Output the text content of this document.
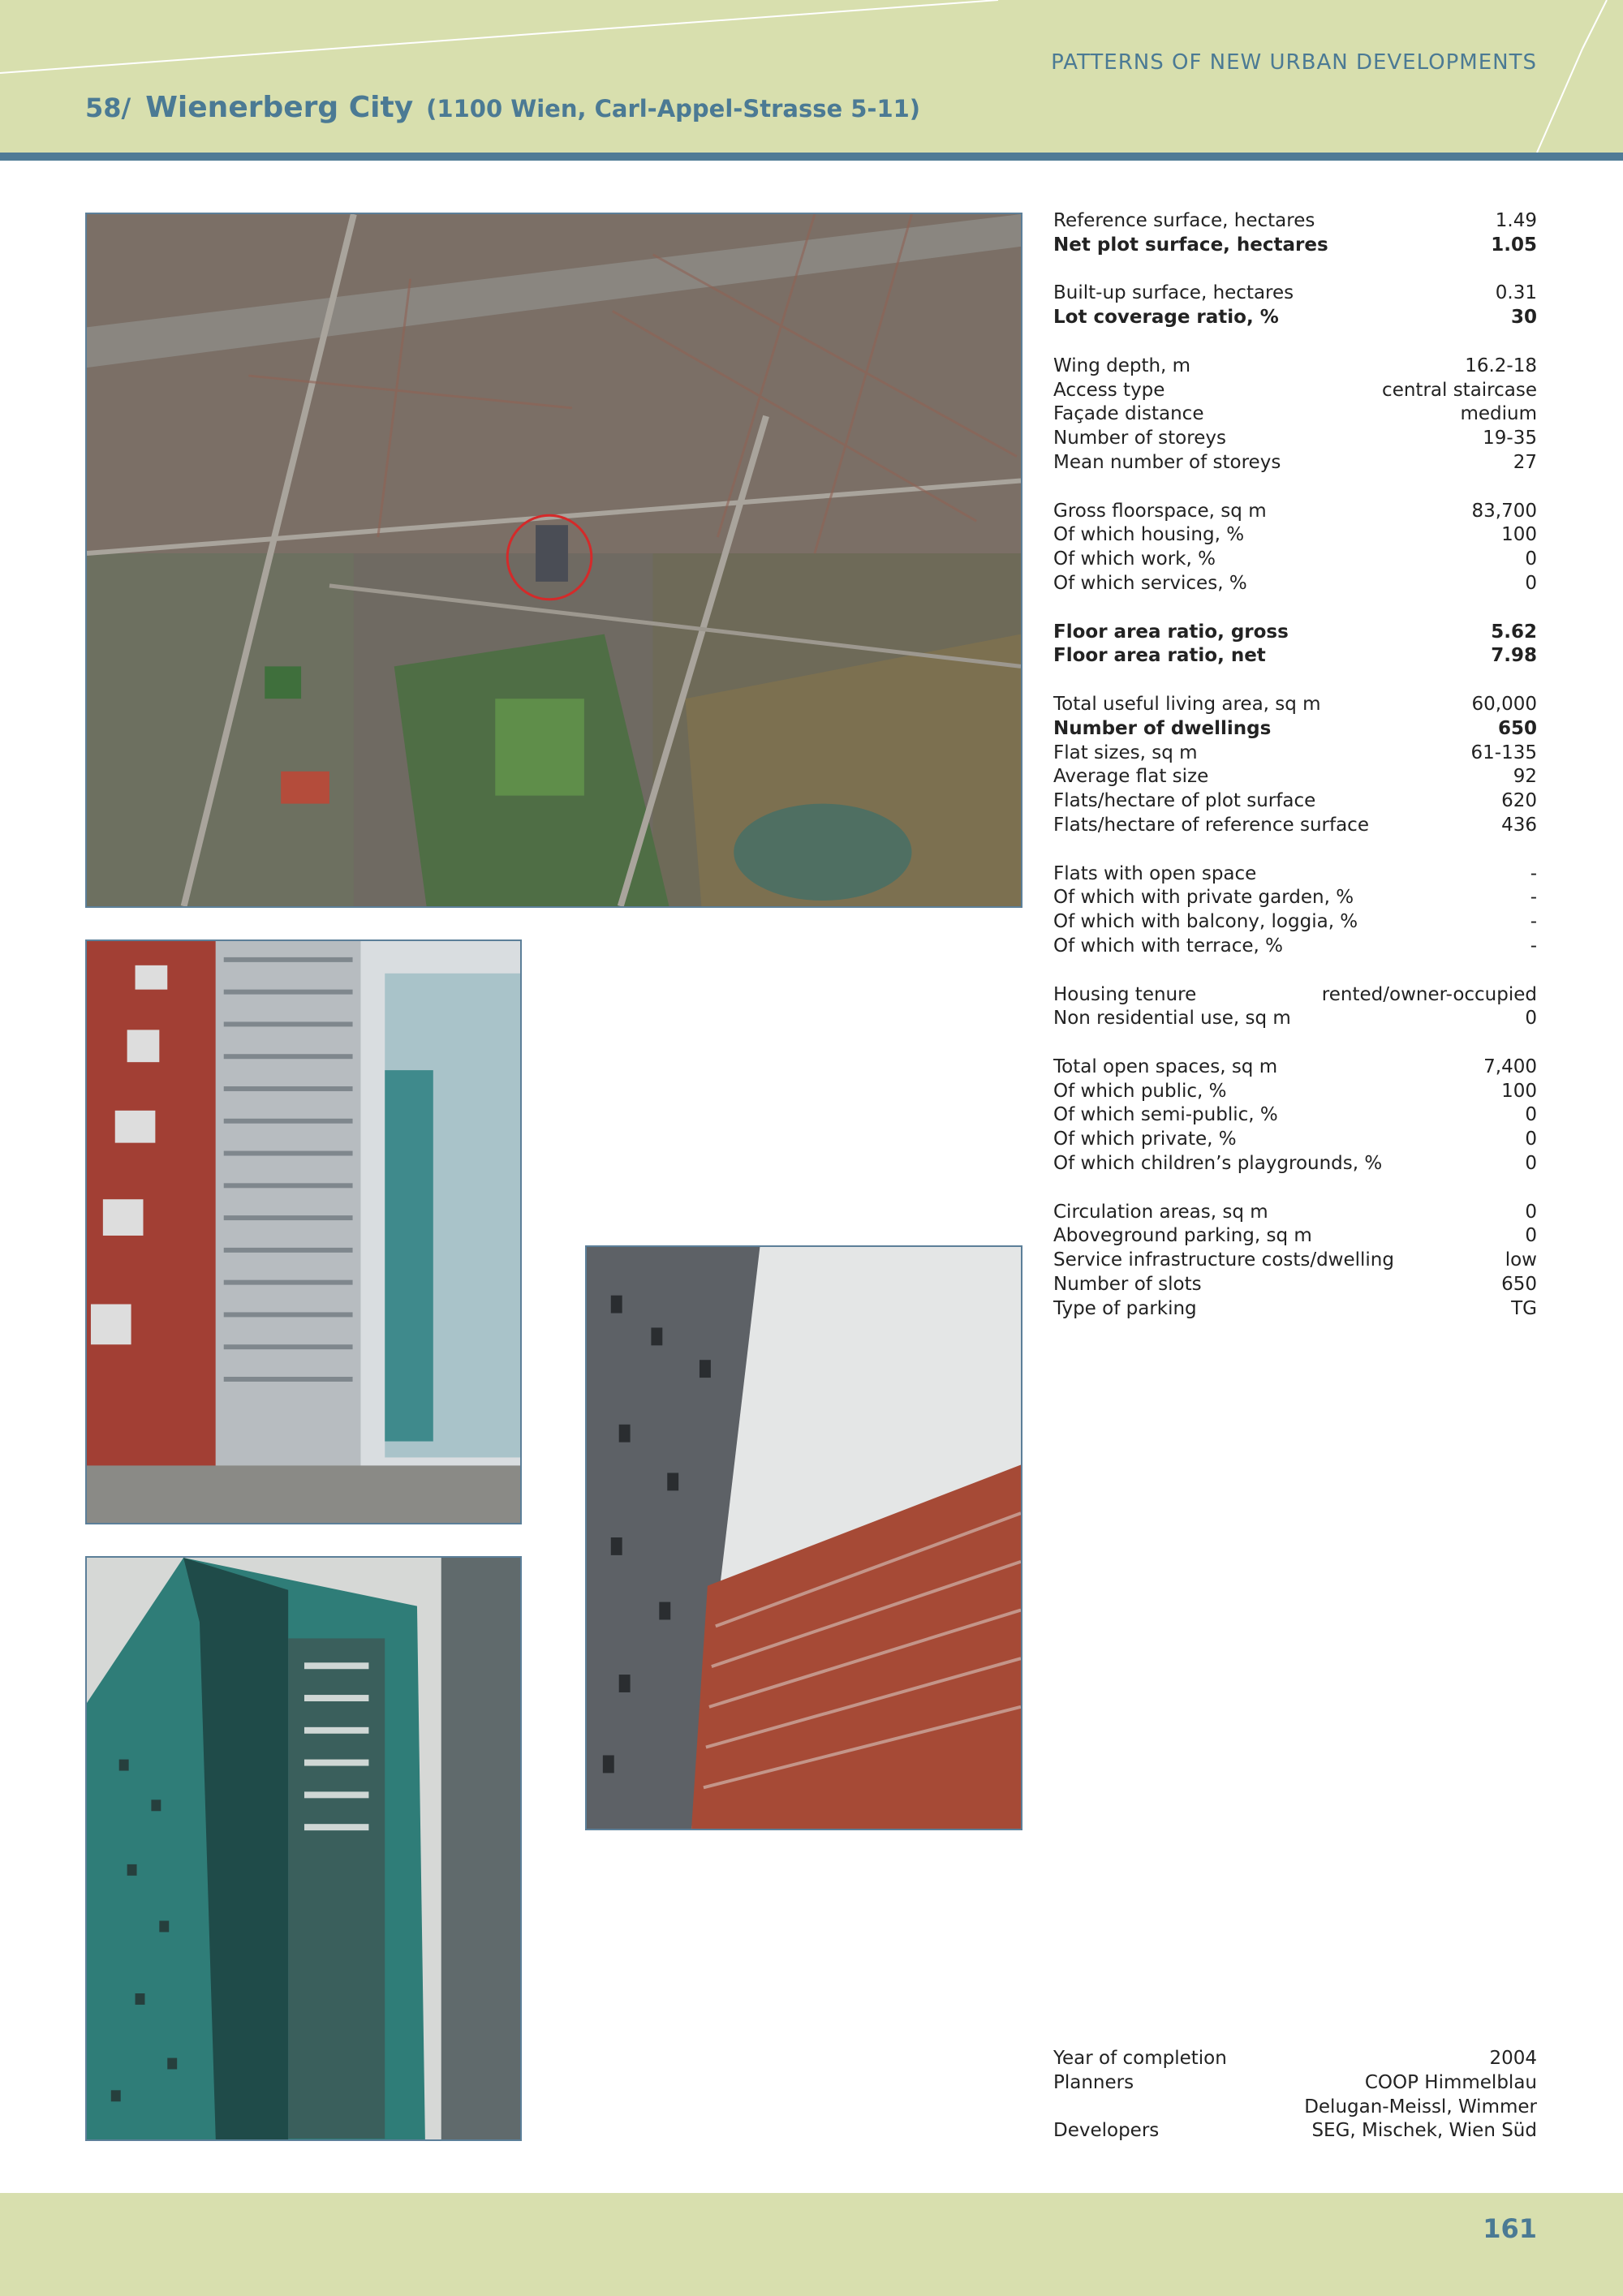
PATTERNS OF NEW URBAN DEVELOPMENTS
58/ Wienerberg City (1100 Wien, Carl-Appel-Strasse 5-11)
Reference surface, hectares	1.49
Net plot surface, hectares	1.05
Built-up surface, hectares	0.31
Lot coverage ratio, %	30
Wing depth, m	16.2-18
Access type	central staircase
Façade distance	medium
Number of storeys	19-35
Mean number of storeys	27
Gross floorspace, sq m	83,700
Of which housing, %	100
Of which work, %	0
Of which services, %	0
Floor area ratio, gross	5.62
Floor area ratio, net	7.98
Total useful living area, sq m	60,000
Number of dwellings	650
Flat sizes, sq m	61-135
Average flat size	92
Flats/hectare of plot surface	620
Flats/hectare of reference surface	436
Flats with open space	-
Of which with private garden, %	-
Of which with balcony, loggia, %	-
Of which with terrace, %	-
Housing tenure	rented/owner-occupied
Non residential use, sq m	0
Total open spaces, sq m	7,400
Of which public, %	100
Of which semi-public, %	0
Of which private, %	0
Of which children’s playgrounds, %	0
Circulation areas, sq m	0
Aboveground parking, sq m	0
Service infrastructure costs/dwelling	low
Number of slots	650
Type of parking	TG
Year of completion	2004
Planners	COOP Himmelblau
Delugan-Meissl, Wimmer
Developers	SEG, Mischek, Wien Süd
161
